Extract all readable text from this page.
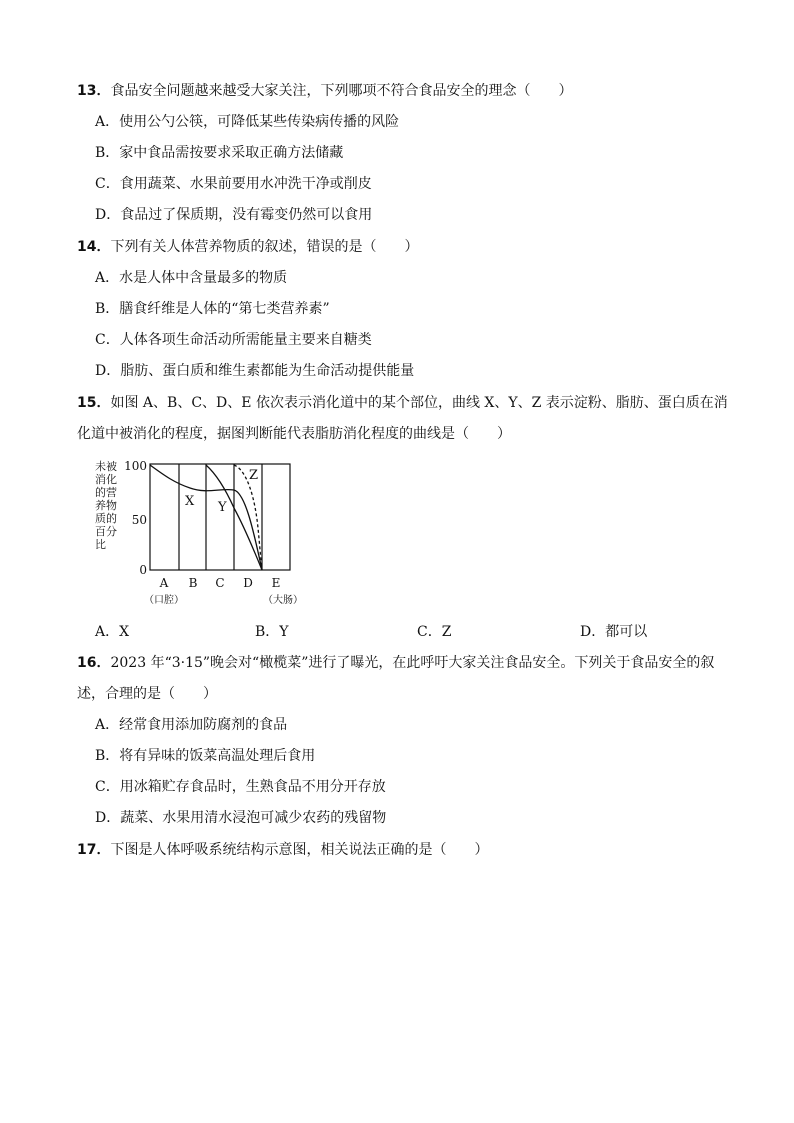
13．食品安全问题越来越受大家关注，下列哪项不符合食品安全的理念（　　）
A．使用公勺公筷，可降低某些传染病传播的风险
B．家中食品需按要求采取正确方法储藏
C．食用蔬菜、水果前要用水冲洗干净或削皮
D．食品过了保质期，没有霉变仍然可以食用
14．下列有关人体营养物质的叙述，错误的是（　　）
A．水是人体中含量最多的物质
B．膳食纤维是人体的“第七类营养素”
C．人体各项生命活动所需能量主要来自糖类
D．脂肪、蛋白质和维生素都能为生命活动提供能量
15．如图 A、B、C、D、E 依次表示消化道中的某个部位，曲线 X、Y、Z 表示淀粉、脂肪、蛋白质在消
化道中被消化的程度，据图判断能代表脂肪消化程度的曲线是（　　）
未被
消化
的营
养物
质的
百分
比
100
50
0
X Y
Z
A B C D E
（口腔）	（大肠）
A．X	B．Y	C．Z	D．都可以
16．2023 年“3·15”晚会对“橄榄菜”进行了曝光，在此呼吁大家关注食品安全。下列关于食品安全的叙
述，合理的是（　　）
A．经常食用添加防腐剂的食品
B．将有异味的饭菜高温处理后食用
C．用冰箱贮存食品时，生熟食品不用分开存放
D．蔬菜、水果用清水浸泡可减少农药的残留物
17．下图是人体呼吸系统结构示意图，相关说法正确的是（　　）
